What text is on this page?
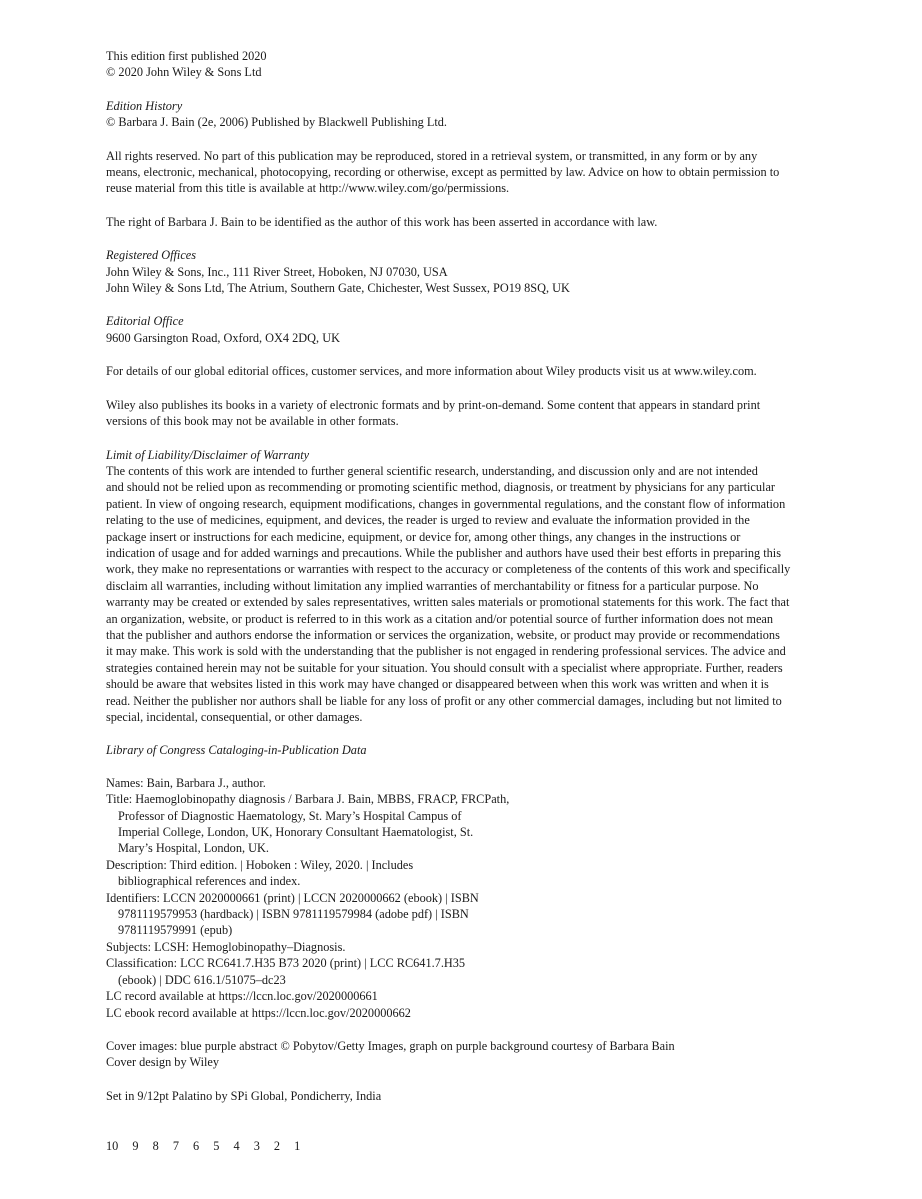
This edition first published 2020
© 2020 John Wiley & Sons Ltd
Edition History
© Barbara J. Bain (2e, 2006) Published by Blackwell Publishing Ltd.
All rights reserved. No part of this publication may be reproduced, stored in a retrieval system, or transmitted, in any form or by any
means, electronic, mechanical, photocopying, recording or otherwise, except as permitted by law. Advice on how to obtain permission to
reuse material from this title is available at http://www.wiley.com/go/permissions.
The right of Barbara J. Bain to be identified as the author of this work has been asserted in accordance with law.
Registered Offices
John Wiley & Sons, Inc., 111 River Street, Hoboken, NJ 07030, USA
John Wiley & Sons Ltd, The Atrium, Southern Gate, Chichester, West Sussex, PO19 8SQ, UK
Editorial Office
9600 Garsington Road, Oxford, OX4 2DQ, UK
For details of our global editorial offices, customer services, and more information about Wiley products visit us at www.wiley.com.
Wiley also publishes its books in a variety of electronic formats and by print-on-demand. Some content that appears in standard print
versions of this book may not be available in other formats.
Limit of Liability/Disclaimer of Warranty
The contents of this work are intended to further general scientific research, understanding, and discussion only and are not intended
and should not be relied upon as recommending or promoting scientific method, diagnosis, or treatment by physicians for any particular
patient. In view of ongoing research, equipment modifications, changes in governmental regulations, and the constant flow of information
relating to the use of medicines, equipment, and devices, the reader is urged to review and evaluate the information provided in the
package insert or instructions for each medicine, equipment, or device for, among other things, any changes in the instructions or
indication of usage and for added warnings and precautions. While the publisher and authors have used their best efforts in preparing this
work, they make no representations or warranties with respect to the accuracy or completeness of the contents of this work and specifically
disclaim all warranties, including without limitation any implied warranties of merchantability or fitness for a particular purpose. No
warranty may be created or extended by sales representatives, written sales materials or promotional statements for this work. The fact that
an organization, website, or product is referred to in this work as a citation and/or potential source of further information does not mean
that the publisher and authors endorse the information or services the organization, website, or product may provide or recommendations
it may make. This work is sold with the understanding that the publisher is not engaged in rendering professional services. The advice and
strategies contained herein may not be suitable for your situation. You should consult with a specialist where appropriate. Further, readers
should be aware that websites listed in this work may have changed or disappeared between when this work was written and when it is
read. Neither the publisher nor authors shall be liable for any loss of profit or any other commercial damages, including but not limited to
special, incidental, consequential, or other damages.
Library of Congress Cataloging-in-Publication Data
Names: Bain, Barbara J., author.
Title: Haemoglobinopathy diagnosis / Barbara J. Bain, MBBS, FRACP, FRCPath,
Professor of Diagnostic Haematology, St. Mary’s Hospital Campus of
Imperial College, London, UK, Honorary Consultant Haematologist, St.
Mary’s Hospital, London, UK.
Description: Third edition. | Hoboken : Wiley, 2020. | Includes
bibliographical references and index.
Identifiers: LCCN 2020000661 (print) | LCCN 2020000662 (ebook) | ISBN
9781119579953 (hardback) | ISBN 9781119579984 (adobe pdf) | ISBN
9781119579991 (epub)
Subjects: LCSH: Hemoglobinopathy–Diagnosis.
Classification: LCC RC641.7.H35 B73 2020 (print) | LCC RC641.7.H35
(ebook) | DDC 616.1/51075–dc23
LC record available at https://lccn.loc.gov/2020000661
LC ebook record available at https://lccn.loc.gov/2020000662
Cover images: blue purple abstract © Pobytov/Getty Images, graph on purple background courtesy of Barbara Bain
Cover design by Wiley
Set in 9/12pt Palatino by SPi Global, Pondicherry, India
10 9 8 7 6 5 4 3 2 1
